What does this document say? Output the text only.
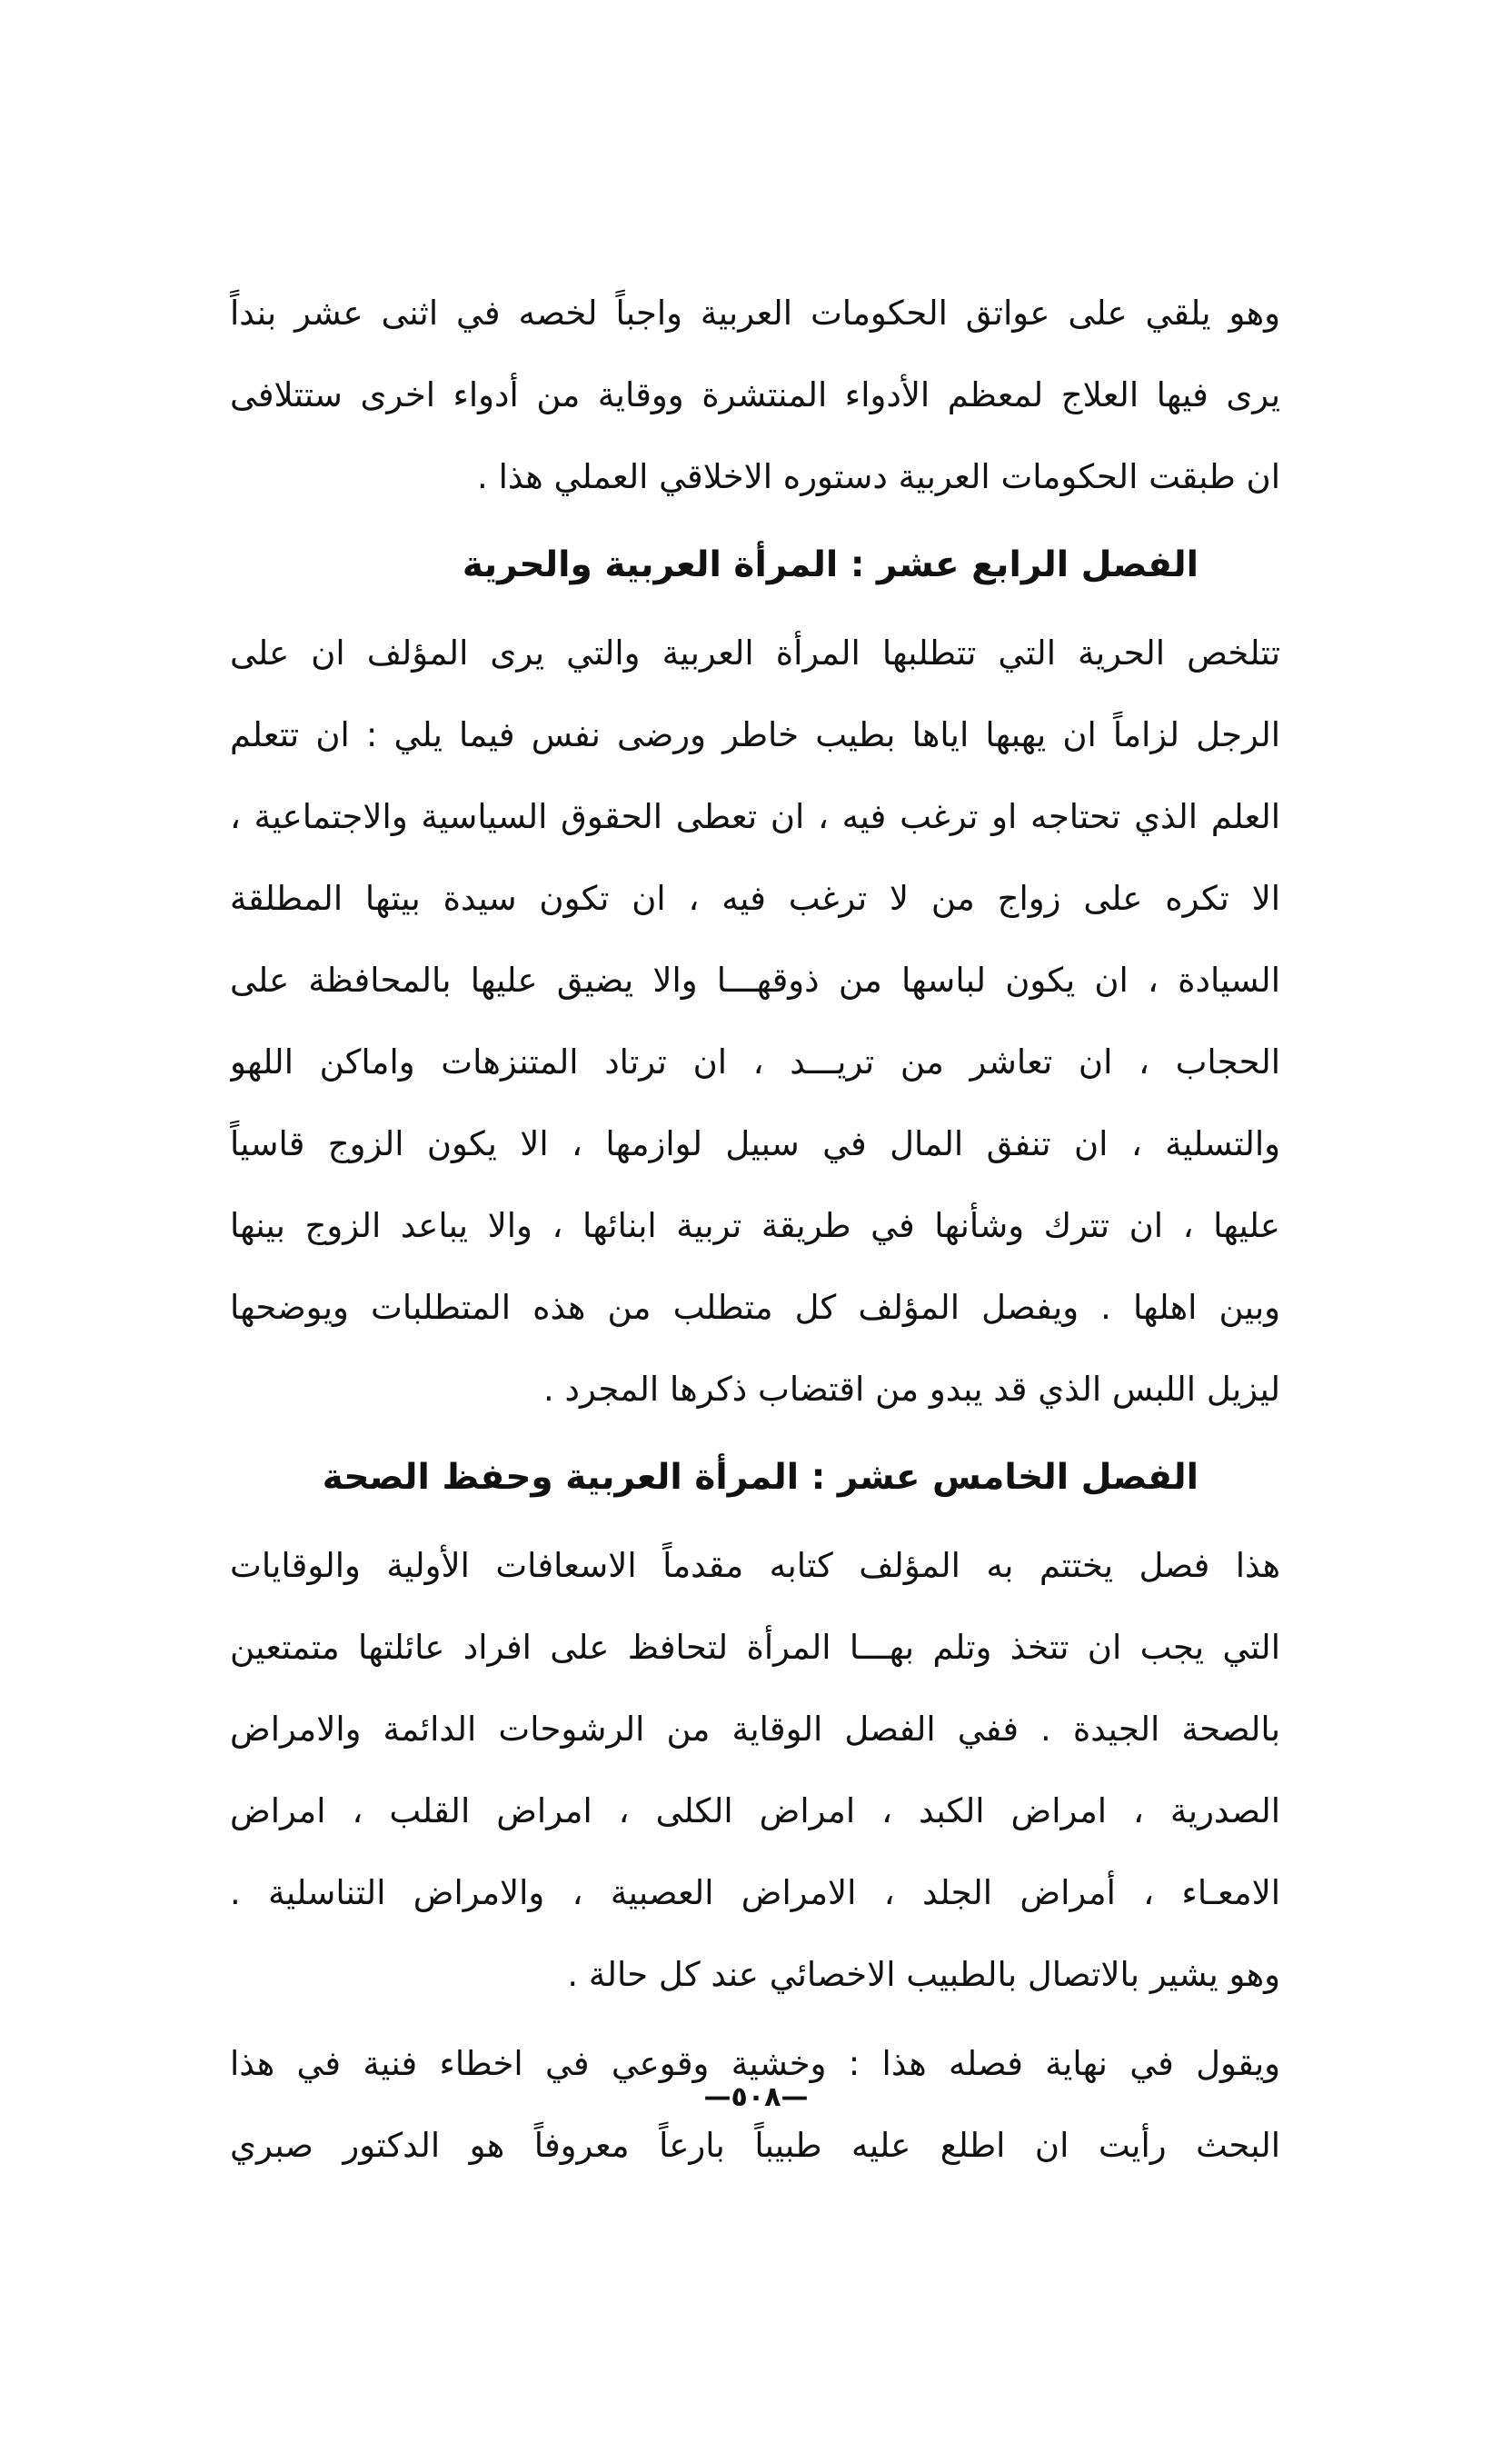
وهو يلقي على عواتق الحكومات العربية واجباً لخصه في اثنى عشر بنداً
يرى فيها العلاج لمعظم الأدواء المنتشرة ووقاية من أدواء اخرى ستتلافى
ان طبقت الحكومات العربية دستوره الاخلاقي العملي هذا .
الفصل الرابع عشر : المرأة العربية والحرية
تتلخص الحرية التي تتطلبها المرأة العربية والتي يرى المؤلف ان على
الرجل لزاماً ان يهبها اياها بطيب خاطر ورضى نفس فيما يلي : ان تتعلم
العلم الذي تحتاجه او ترغب فيه ، ان تعطى الحقوق السياسية والاجتماعية ،
الا تكره على زواج من لا ترغب فيه ، ان تكون سيدة بيتها المطلقة
السيادة ، ان يكون لباسها من ذوقهـــا والا يضيق عليها بالمحافظة على
الحجاب ، ان تعاشر من تريـــد ، ان ترتاد المتنزهات واماكن اللهو
والتسلية ، ان تنفق المال في سبيل لوازمها ، الا يكون الزوج قاسياً
عليها ، ان تترك وشأنها في طريقة تربية ابنائها ، والا يباعد الزوج بينها
وبين اهلها . ويفصل المؤلف كل متطلب من هذه المتطلبات ويوضحها
ليزيل اللبس الذي قد يبدو من اقتضاب ذكرها المجرد .
الفصل الخامس عشر : المرأة العربية وحفظ الصحة
هذا فصل يختتم به المؤلف كتابه مقدماً الاسعافات الأولية والوقايات
التي يجب ان تتخذ وتلم بهـــا المرأة لتحافظ على افراد عائلتها متمتعين
بالصحة الجيدة . ففي الفصل الوقاية من الرشوحات الدائمة والامراض
الصدرية ، امراض الكبد ، امراض الكلى ، امراض القلب ، امراض
الامعـاء ، أمراض الجلد ، الامراض العصبية ، والامراض التناسلية .
وهو يشير بالاتصال بالطبيب الاخصائي عند كل حالة .
ويقول في نهاية فصله هذا : وخشية وقوعي في اخطاء فنية في هذا
البحث رأيت ان اطلع عليه طبيباً بارعاً معروفاً هو الدكتور صبري
—٥٠٨—
